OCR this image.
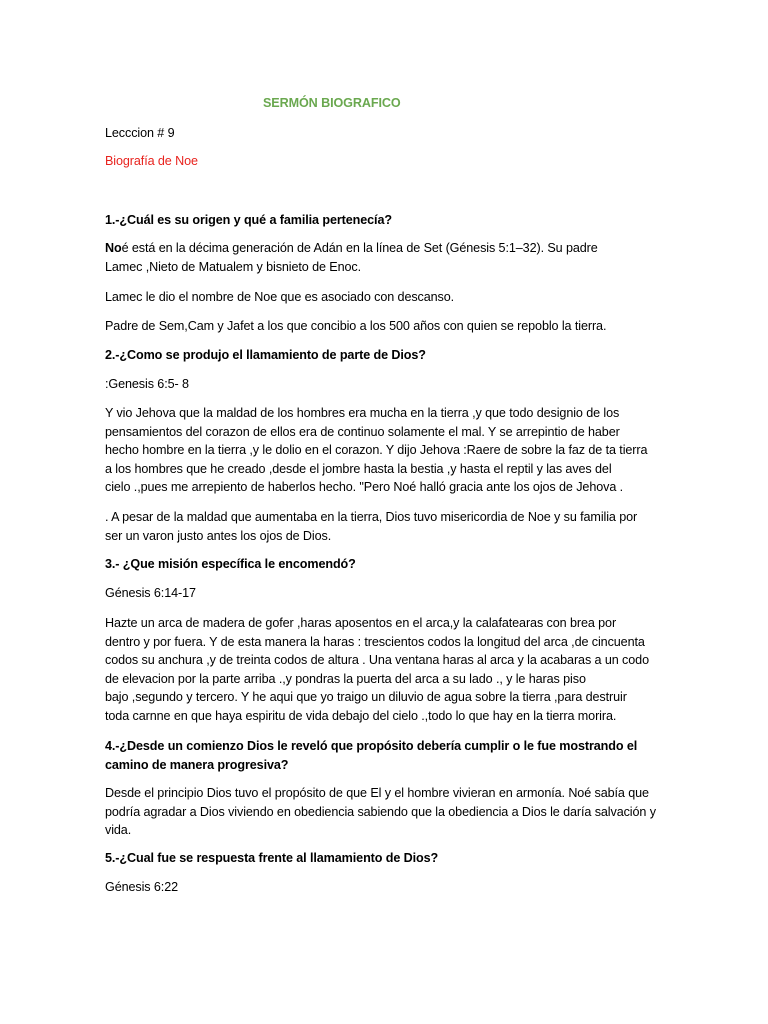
SERMÓN BIOGRAFICO
Lecccion # 9
Biografía de Noe
1.-¿Cuál es su origen y qué a familia pertenecía?
Noé está en la décima generación de Adán en la línea de Set (Génesis 5:1–32). Su padre
Lamec ,Nieto de Matualem y bisnieto de Enoc.
Lamec le dio el nombre de Noe que es asociado con descanso.
Padre de Sem,Cam y Jafet a los que concibio a los 500 años con quien se repoblo la tierra.
2.-¿Como se produjo el llamamiento de parte de Dios?
:Genesis 6:5- 8
Y vio Jehova que la maldad de los hombres era mucha en la tierra ,y que todo designio de los
pensamientos del corazon de ellos era de continuo solamente el mal. Y se arrepintio de haber
hecho hombre en la tierra ,y le dolio en el corazon. Y dijo Jehova :Raere de sobre la faz de ta tierra
a los hombres que he creado ,desde el jombre hasta la bestia ,y hasta el reptil y las aves del
cielo .,pues me arrepiento de haberlos hecho. "Pero Noé halló gracia ante los ojos de Jehova .
. A pesar de la maldad que aumentaba en la tierra, Dios tuvo misericordia de Noe y su familia por
ser un varon justo antes los ojos de Dios.
3.- ¿Que misión específica le encomendó?
Génesis 6:14-17
Hazte un arca de madera de gofer ,haras aposentos en el arca,y la calafatearas con brea por
dentro y por fuera. Y de esta manera la haras : trescientos codos la longitud del arca ,de cincuenta
codos su anchura ,y de treinta codos de altura . Una ventana haras al arca y la acabaras a un codo
de elevacion por la parte arriba .,y pondras la puerta del arca a su lado ., y le haras piso
bajo ,segundo y tercero. Y he aqui que yo traigo un diluvio de agua sobre la tierra ,para destruir
toda carnne en que haya espiritu de vida debajo del cielo .,todo lo que hay en la tierra morira.
4.-¿Desde un comienzo Dios le reveló que propósito debería cumplir o le fue mostrando el
camino de manera progresiva?
Desde el principio Dios tuvo el propósito de que El y el hombre vivieran en armonía. Noé sabía que
podría agradar a Dios viviendo en obediencia sabiendo que la obediencia a Dios le daría salvación y
vida.
5.-¿Cual fue se respuesta frente al llamamiento de Dios?
Génesis 6:22
